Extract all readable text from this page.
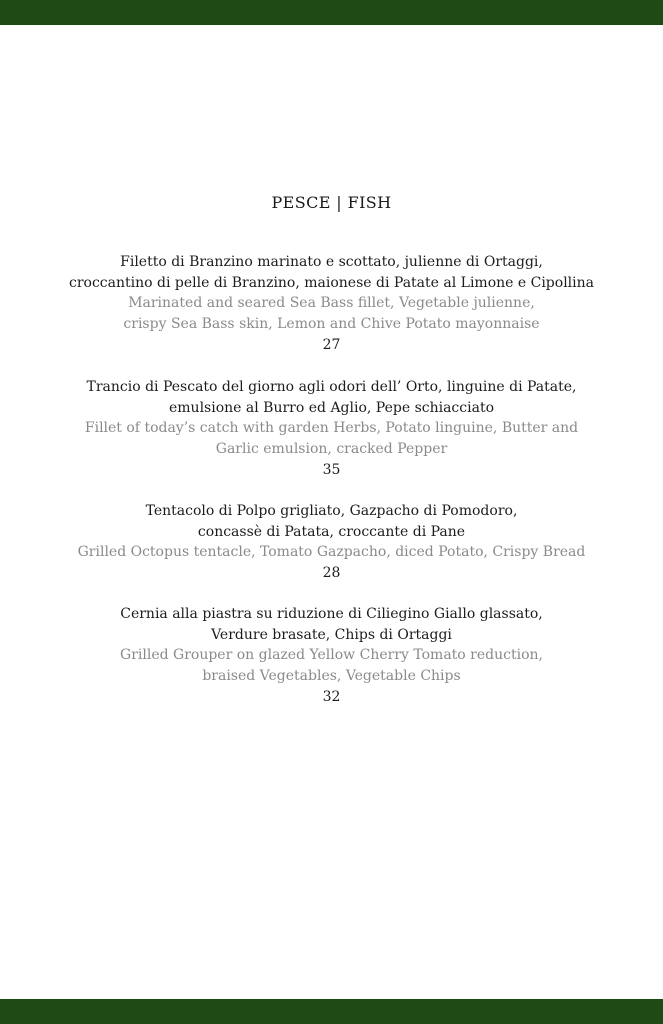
PESCE | FISH
Filetto di Branzino marinato e scottato, julienne di Ortaggi,
croccantino di pelle di Branzino, maionese di Patate al Limone e Cipollina
Marinated and seared Sea Bass fillet, Vegetable julienne,
crispy Sea Bass skin, Lemon and Chive Potato mayonnaise
27
Trancio di Pescato del giorno agli odori dell’ Orto, linguine di Patate,
emulsione al Burro ed Aglio, Pepe schiacciato
Fillet of today’s catch with garden Herbs, Potato linguine, Butter and
Garlic emulsion, cracked Pepper
35
Tentacolo di Polpo grigliato, Gazpacho di Pomodoro,
concassè di Patata, croccante di Pane
Grilled Octopus tentacle, Tomato Gazpacho, diced Potato, Crispy Bread
28
Cernia alla piastra su riduzione di Ciliegino Giallo glassato,
Verdure brasate, Chips di Ortaggi
Grilled Grouper on glazed Yellow Cherry Tomato reduction,
braised Vegetables, Vegetable Chips
32
